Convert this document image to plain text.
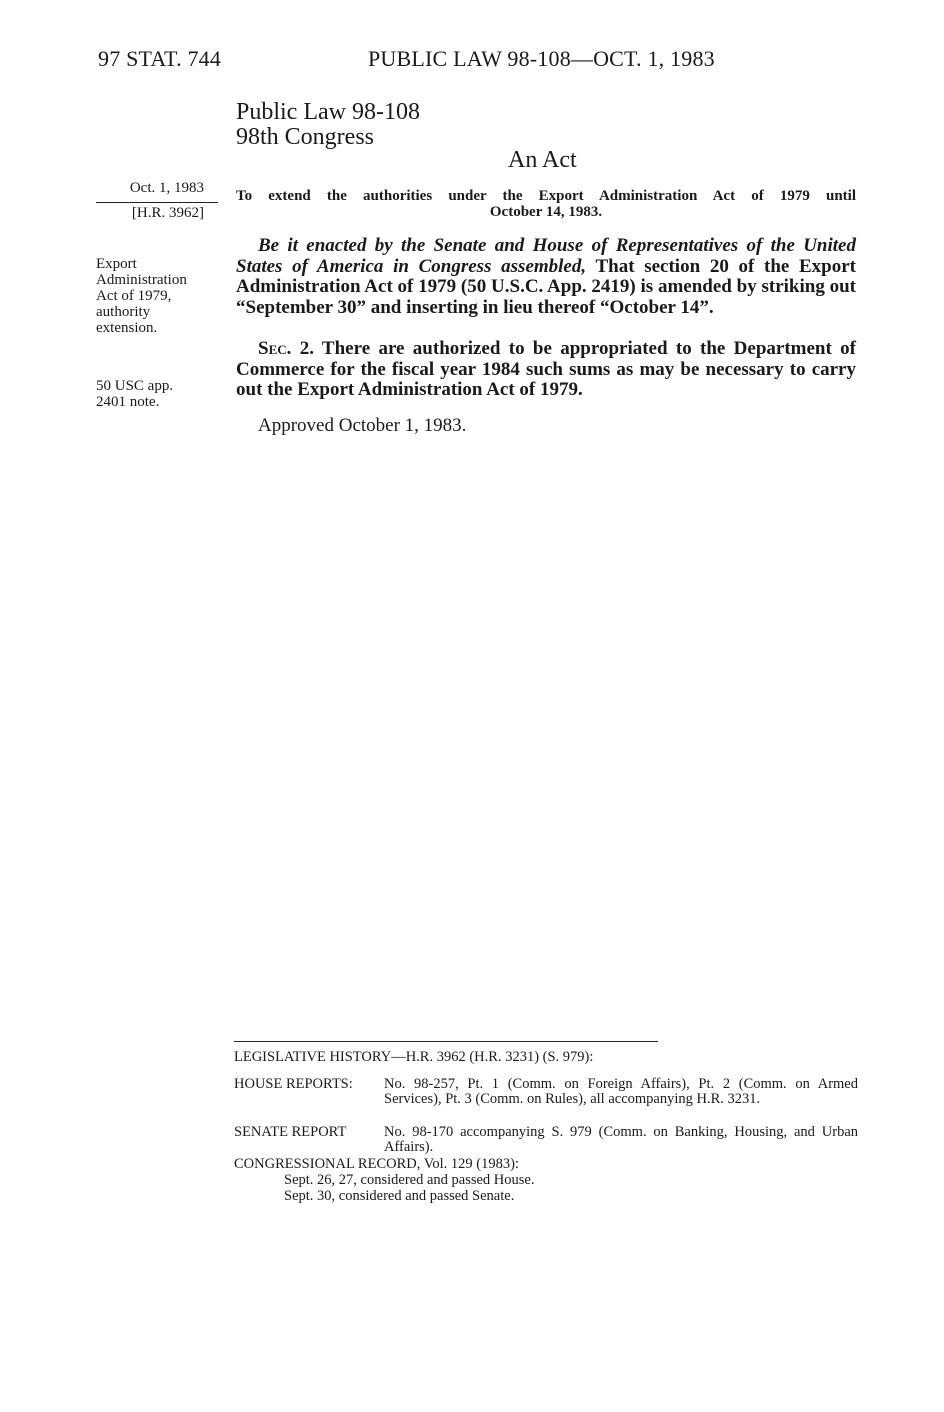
97 STAT. 744	PUBLIC LAW 98-108—OCT. 1, 1983
Public Law 98-108
98th Congress
An Act
Oct. 1, 1983
[H.R. 3962]
Export
Administration
Act of 1979,
authority
extension.
50 USC app.
2401 note.
To extend the authorities under the Export Administration Act of 1979 until
October 14, 1983.
Be it enacted by the Senate and House of Representatives of the United States of America in Congress assembled, That section 20 of the Export Administration Act of 1979 (50 U.S.C. App. 2419) is amended by striking out “September 30” and inserting in lieu thereof “October 14”.
Sec. 2. There are authorized to be appropriated to the Department of Commerce for the fiscal year 1984 such sums as may be necessary to carry out the Export Administration Act of 1979.
Approved October 1, 1983.
LEGISLATIVE HISTORY—H.R. 3962 (H.R. 3231) (S. 979):
HOUSE REPORTS: No. 98-257, Pt. 1 (Comm. on Foreign Affairs), Pt. 2 (Comm. on Armed Services), Pt. 3 (Comm. on Rules), all accompanying H.R. 3231.
SENATE REPORT	No. 98-170 accompanying S. 979 (Comm. on Banking, Housing, and Urban Affairs).
CONGRESSIONAL RECORD, Vol. 129 (1983):
Sept. 26, 27, considered and passed House.
Sept. 30, considered and passed Senate.
